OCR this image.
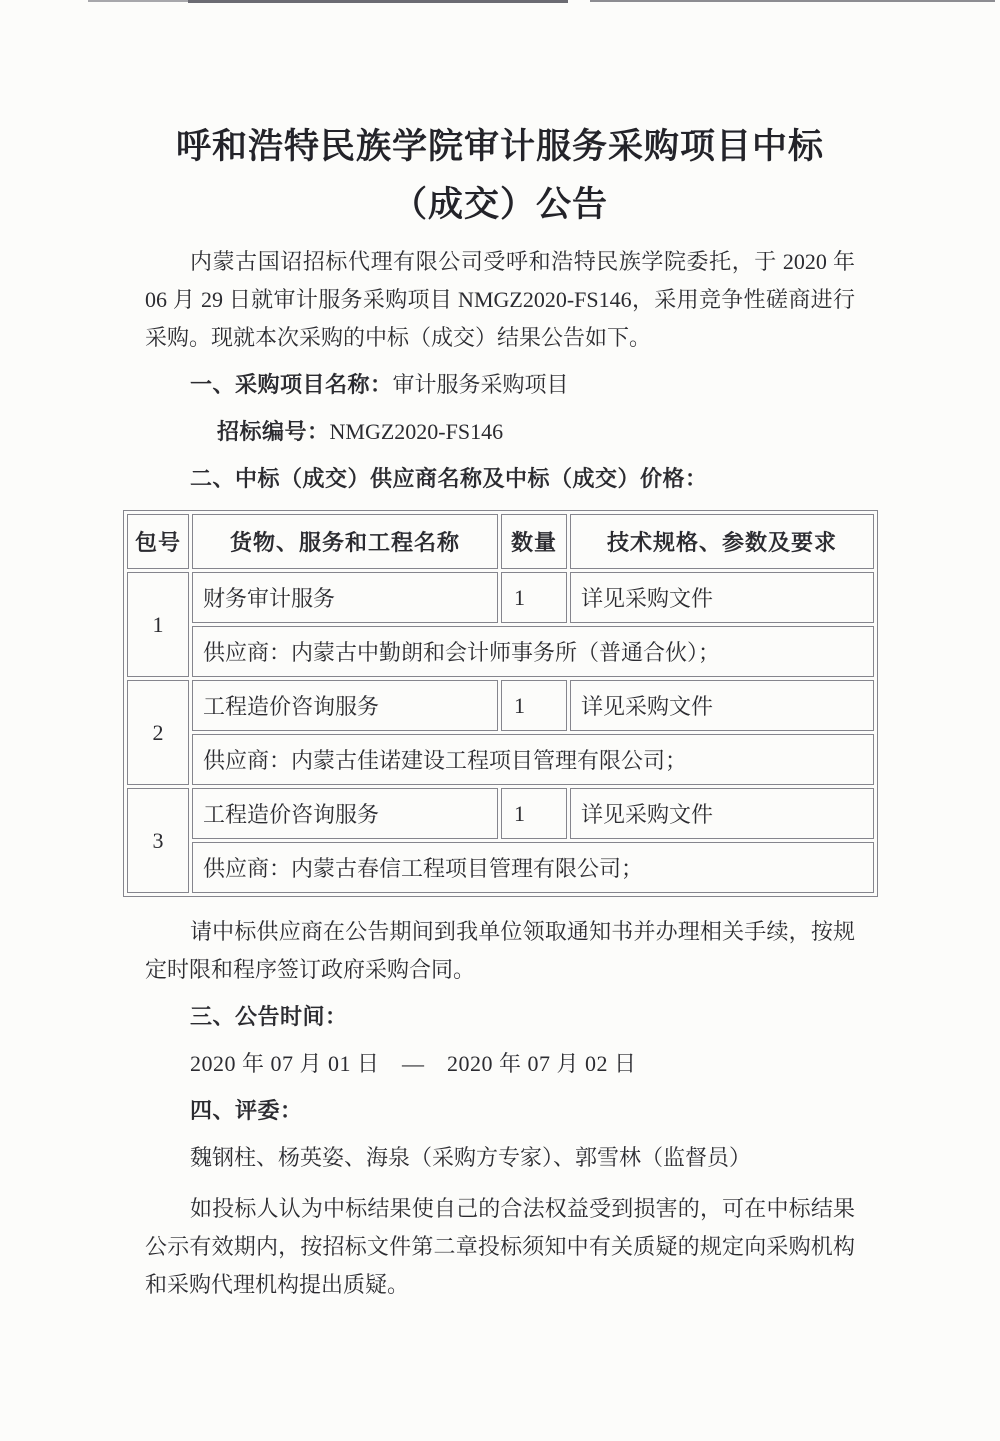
呼和浩特民族学院审计服务采购项目中标
（成交）公告

内蒙古国诏招标代理有限公司受呼和浩特民族学院委托，于 2020 年 06 月 29 日就审计服务采购项目 NMGZ2020-FS146，采用竞争性磋商进行采购。现就本次采购的中标（成交）结果公告如下。

一、采购项目名称：审计服务采购项目

招标编号：NMGZ2020-FS146

二、中标（成交）供应商名称及中标（成交）价格：

包号	货物、服务和工程名称	数量	技术规格、参数及要求
1	财务审计服务	1	详见采购文件
	供应商：内蒙古中勤朗和会计师事务所（普通合伙）；		
2	工程造价咨询服务	1	详见采购文件
	供应商：内蒙古佳诺建设工程项目管理有限公司；		
3	工程造价咨询服务	1	详见采购文件
	供应商：内蒙古春信工程项目管理有限公司；		

请中标供应商在公告期间到我单位领取通知书并办理相关手续，按规定时限和程序签订政府采购合同。

三、公告时间：

2020 年 07 月 01 日　—　2020 年 07 月 02 日

四、评委：

魏钢柱、杨英姿、海泉（采购方专家）、郭雪林（监督员）

如投标人认为中标结果使自己的合法权益受到损害的，可在中标结果公示有效期内，按招标文件第二章投标须知中有关质疑的规定向采购机构和采购代理机构提出质疑。
